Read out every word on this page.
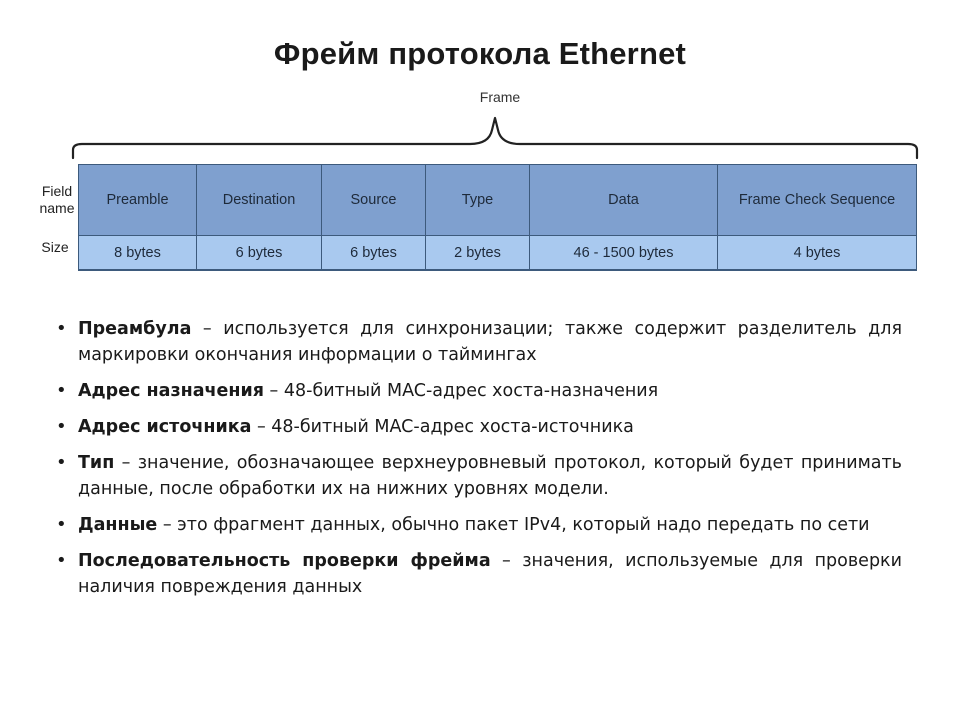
Фрейм протокола Ethernet
Frame
Field name
Size
Preamble	Destination	Source	Type	Data	Frame Check Sequence
8 bytes	6 bytes	6 bytes	2 bytes	46 - 1500 bytes	4 bytes
• Преамбула – используется для синхронизации; также содержит разделитель для маркировки окончания информации о таймингах
• Адрес назначения – 48-битный MAC-адрес хоста-назначения
• Адрес источника – 48-битный MAC-адрес хоста-источника
• Тип – значение, обозначающее верхнеуровневый протокол, который будет принимать данные, после обработки их на нижних уровнях модели.
• Данные – это фрагмент данных, обычно пакет IPv4, который надо передать по сети
• Последовательность проверки фрейма – значения, используемые для проверки наличия повреждения данных
